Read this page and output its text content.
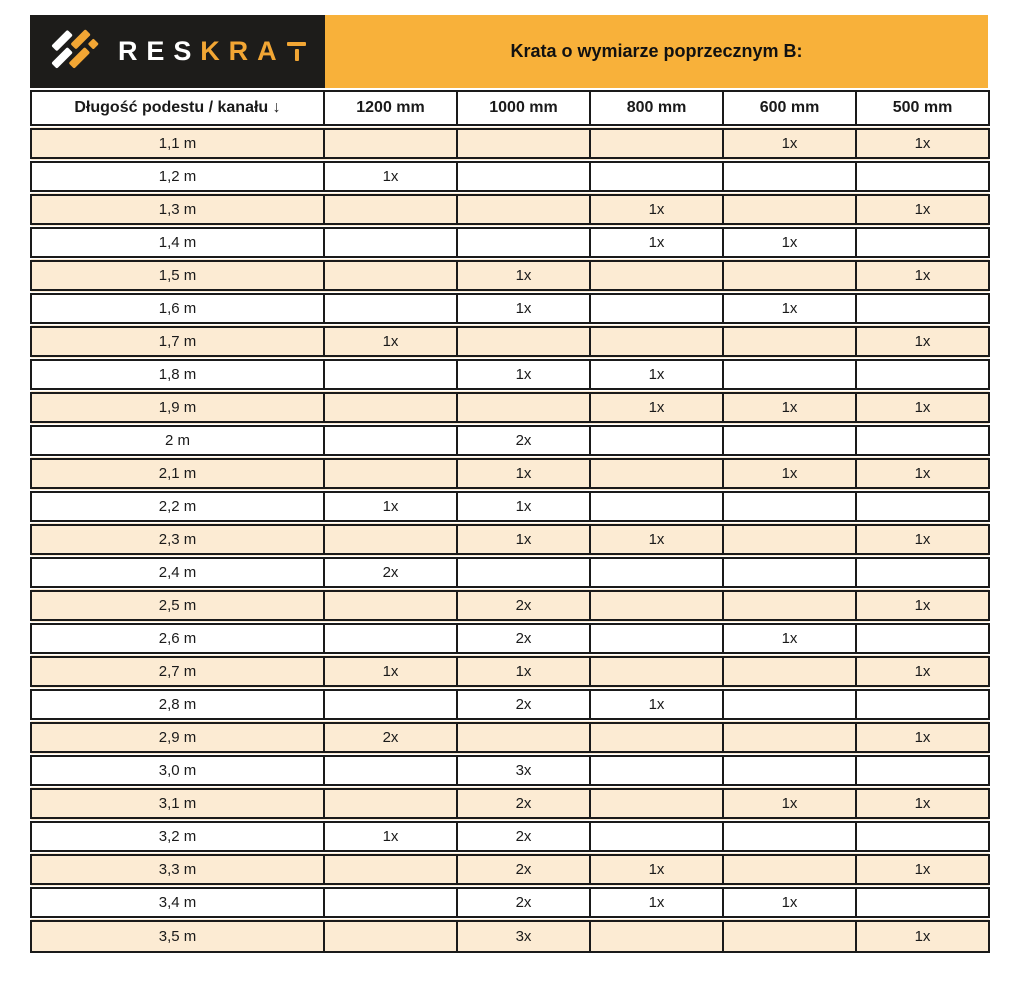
RES KRA	Krata o wymiarze poprzecznym B:
Długość podestu / kanału ↓	1200 mm	1000 mm	800 mm	600 mm	500 mm
1,1 m				1x	1x
1,2 m	1x				
1,3 m			1x		1x
1,4 m			1x	1x	
1,5 m		1x			1x
1,6 m		1x		1x	
1,7 m	1x				1x
1,8 m		1x	1x		
1,9 m			1x	1x	1x
2 m		2x			
2,1 m		1x		1x	1x
2,2 m	1x	1x			
2,3 m		1x	1x		1x
2,4 m	2x				
2,5 m		2x			1x
2,6 m		2x		1x	
2,7 m	1x	1x			1x
2,8 m		2x	1x		
2,9 m	2x				1x
3,0 m		3x			
3,1 m		2x		1x	1x
3,2 m	1x	2x			
3,3 m		2x	1x		1x
3,4 m		2x	1x	1x	
3,5 m		3x			1x
